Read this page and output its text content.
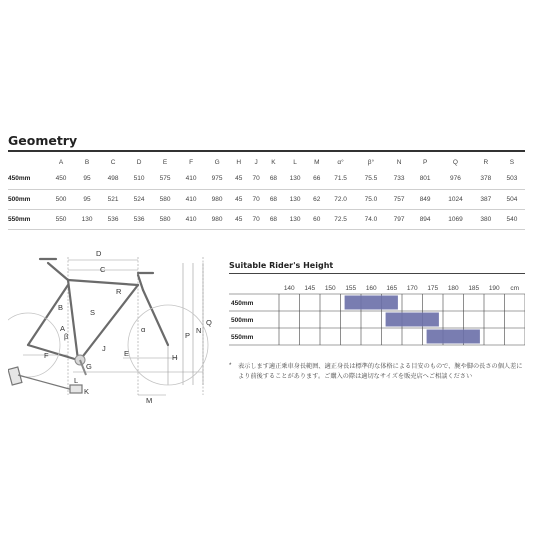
Geometry
	A	B	C	D	E	F	G	H	J	K	L	M	α°	β°	N	P	Q	R	S
450mm	450	95	498	510	575	410	975	45	70	68	130	66	71.5	75.5	733	801	976	378	503
500mm	500	95	521	524	580	410	980	45	70	68	130	62	72.0	75.0	757	849	1024	387	504
550mm	550	130	536	536	580	410	980	45	70	68	130	60	72.5	74.0	797	894	1069	380	540
D
C
R
S
B
A	α
β
F
J
G
E	H
P
Q
N
L
K
M
Suitable Rider's Height
140 145 150 155 160 165 170 175 180 185 190 cm
450mm
500mm
550mm
* 表示します適正乗車身長範囲、適正身長は標準的な体格による目安のもので、腕や脚の長さの個人差により前後することがあります。ご購入の際は適切なサイズを販売店へご相談ください
